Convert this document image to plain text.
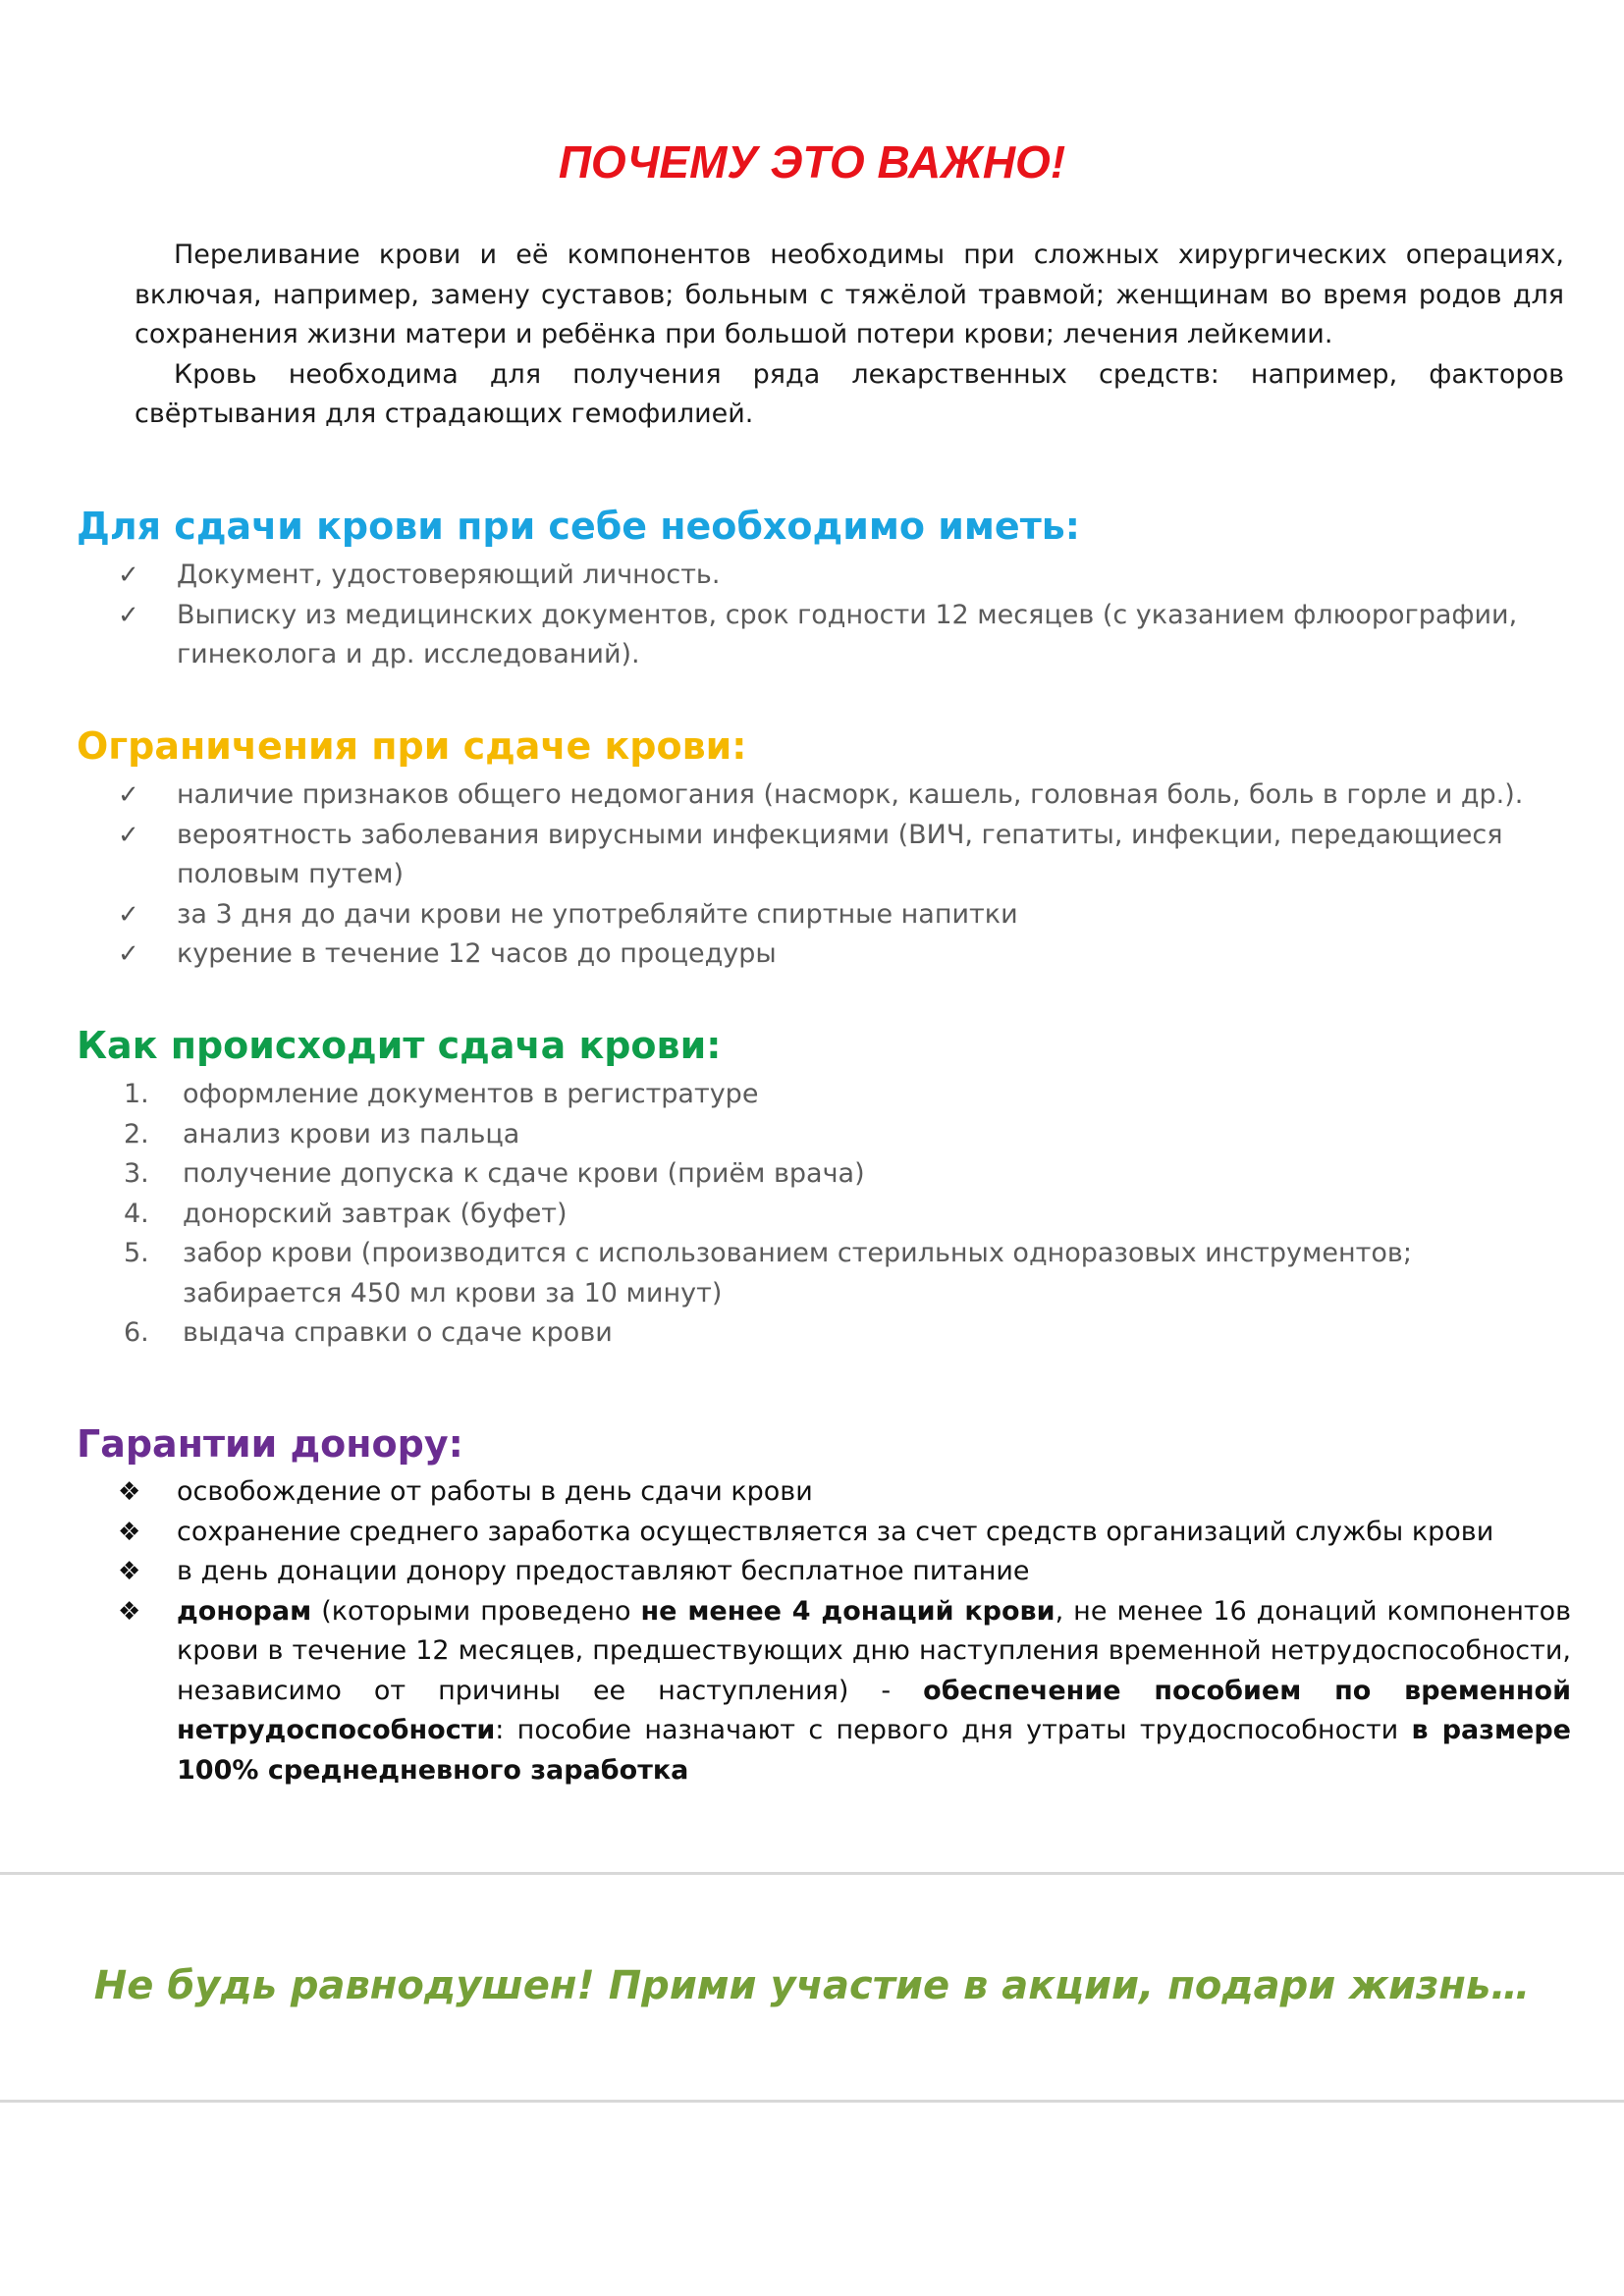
ПОЧЕМУ ЭТО ВАЖНО!

Переливание крови и её компонентов необходимы при сложных хирургических операциях, включая, например, замену суставов; больным с тяжёлой травмой; женщинам во время родов для сохранения жизни матери и ребёнка при большой потери крови; лечения лейкемии.

Кровь необходима для получения ряда лекарственных средств: например, факторов свёртывания для страдающих гемофилией.

Для сдачи крови при себе необходимо иметь:
✓	Документ, удостоверяющий личность.
✓	Выписку из медицинских документов, срок годности 12 месяцев (с указанием флюорографии, гинеколога и др. исследований).
Ограничения при сдаче крови:
✓	наличие признаков общего недомогания (насморк, кашель, головная боль, боль в горле и др.).
✓	вероятность заболевания вирусными инфекциями (ВИЧ, гепатиты, инфекции, передающиеся половым путем)
✓	за 3 дня до дачи крови не употребляйте спиртные напитки
✓	курение в течение 12 часов до процедуры
Как происходит сдача крови:
1.	оформление документов в регистратуре
2.	анализ крови из пальца
3.	получение допуска к сдаче крови (приём врача)
4.	донорский завтрак (буфет)
5.	забор крови (производится с использованием стерильных одноразовых инструментов; забирается 450 мл крови за 10 минут)
6.	выдача справки о сдаче крови
Гарантии донору:
❖	освобождение от работы в день сдачи крови
❖	сохранение среднего заработка осуществляется за счет средств организаций службы крови
❖	в день донации донору предоставляют бесплатное питание
❖	донорам (которыми проведено не менее 4 донаций крови, не менее 16 донаций компонентов крови в течение 12 месяцев, предшествующих дню наступления временной нетрудоспособности, независимо от причины ее наступления) - обеспечение пособием по временной нетрудоспособности: пособие назначают с первого дня утраты трудоспособности в размере 100% среднедневного заработка

Не будь равнодушен! Прими участие в акции, подари жизнь…
